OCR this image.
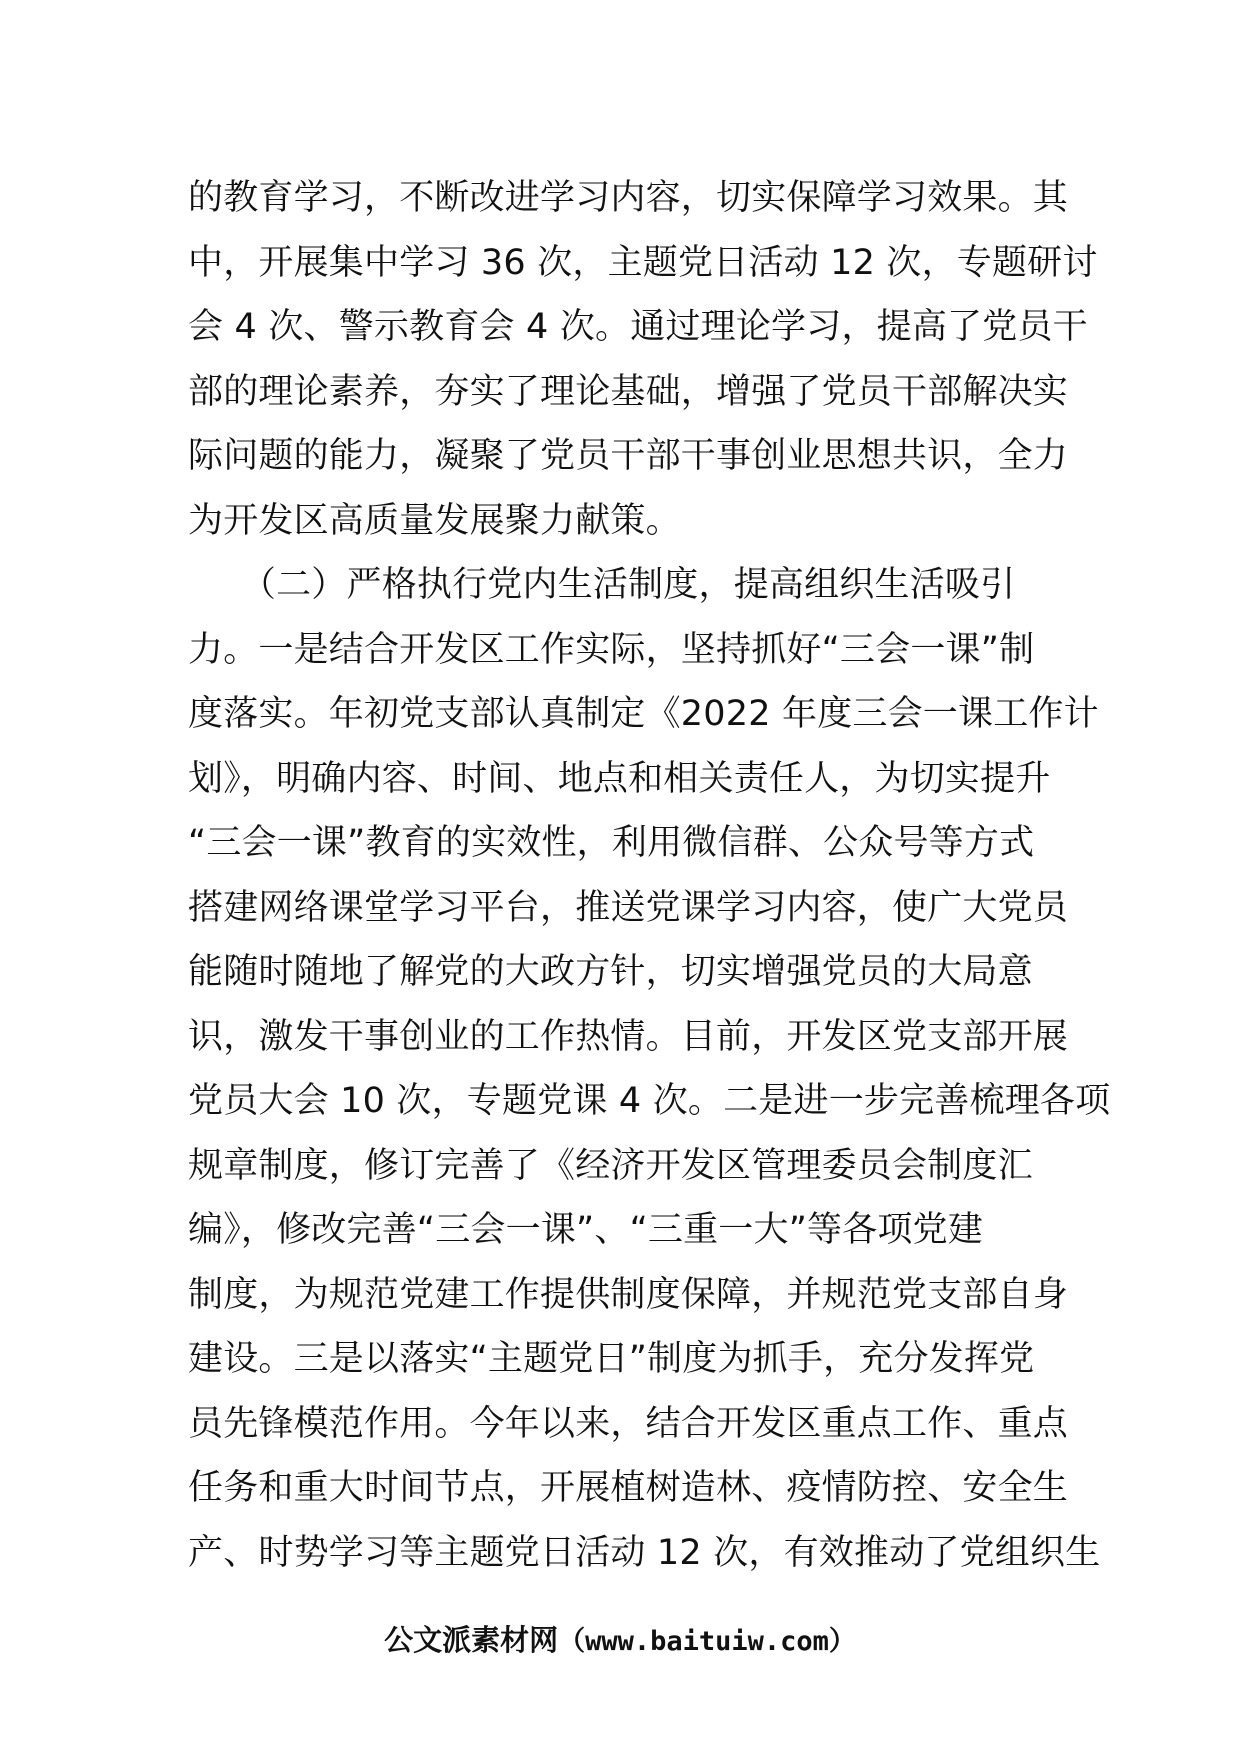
的教育学习，不断改进学习内容，切实保障学习效果。其
中，开展集中学习 36 次，主题党日活动 12 次，专题研讨
会 4 次、警示教育会 4 次。通过理论学习，提高了党员干
部的理论素养，夯实了理论基础，增强了党员干部解决实
际问题的能力，凝聚了党员干部干事创业思想共识，全力
为开发区高质量发展聚力献策。
　　（二）严格执行党内生活制度，提高组织生活吸引
力。一是结合开发区工作实际，坚持抓好“三会一课”制
度落实。年初党支部认真制定《2022 年度三会一课工作计
划》，明确内容、时间、地点和相关责任人，为切实提升
“三会一课”教育的实效性，利用微信群、公众号等方式
搭建网络课堂学习平台，推送党课学习内容，使广大党员
能随时随地了解党的大政方针，切实增强党员的大局意
识，激发干事创业的工作热情。目前，开发区党支部开展
党员大会 10 次，专题党课 4 次。二是进一步完善梳理各项
规章制度，修订完善了《经济开发区管理委员会制度汇
编》，修改完善“三会一课”、“三重一大”等各项党建
制度，为规范党建工作提供制度保障，并规范党支部自身
建设。三是以落实“主题党日”制度为抓手，充分发挥党
员先锋模范作用。今年以来，结合开发区重点工作、重点
任务和重大时间节点，开展植树造林、疫情防控、安全生
产、时势学习等主题党日活动 12 次，有效推动了党组织生
公文派素材网（www.baituiw.com）
